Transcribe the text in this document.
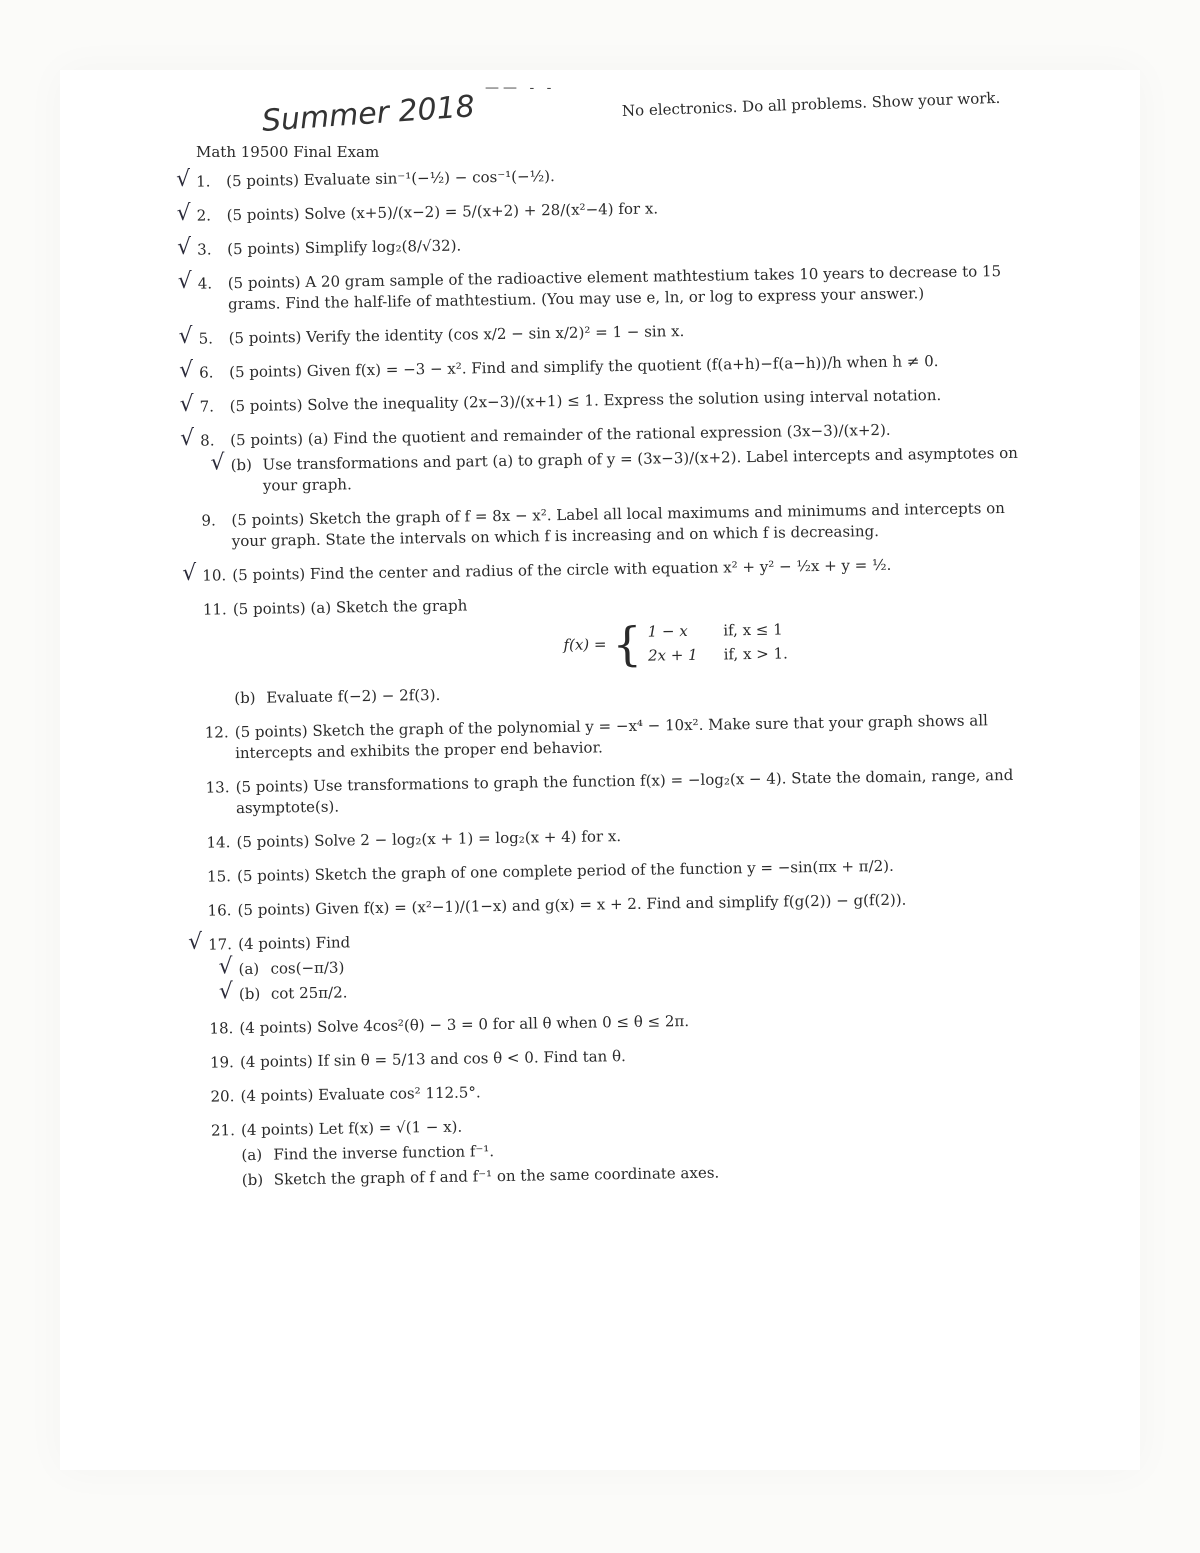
—— - -
Summer 2018
Math 19500 Final Exam
No electronics. Do all problems. Show your work.
√ 1. (5 points) Evaluate sin⁻¹(−½) − cos⁻¹(−½).
√ 2. (5 points) Solve (x+5)/(x−2) = 5/(x+2) + 28/(x²−4) for x.
√ 3. (5 points) Simplify log₂(8/√32).
√ 4. (5 points) A 20 gram sample of the radioactive element mathtestium takes 10 years to decrease to 15 grams. Find the half-life of mathtestium. (You may use e, ln, or log to express your answer.)
√ 5. (5 points) Verify the identity (cos x/2 − sin x/2)² = 1 − sin x.
√ 6. (5 points) Given f(x) = −3 − x². Find and simplify the quotient (f(a+h)−f(a−h))/h when h ≠ 0.
√ 7. (5 points) Solve the inequality (2x−3)/(x+1) ≤ 1. Express the solution using interval notation.
√ 8. (5 points) (a) Find the quotient and remainder of the rational expression (3x−3)/(x+2).
√ (b) Use transformations and part (a) to graph of y = (3x−3)/(x+2). Label intercepts and asymptotes on your graph.
9. (5 points) Sketch the graph of f = 8x − x². Label all local maximums and minimums and intercepts on your graph. State the intervals on which f is increasing and on which f is decreasing.
√ 10. (5 points) Find the center and radius of the circle with equation x² + y² − ½x + y = ½.
11. (5 points) (a) Sketch the graph
f(x) = { 1 − x	if, x ≤ 1
2x + 1 if, x > 1.
(b) Evaluate f(−2) − 2f(3).
12. (5 points) Sketch the graph of the polynomial y = −x⁴ − 10x². Make sure that your graph shows all intercepts and exhibits the proper end behavior.
13. (5 points) Use transformations to graph the function f(x) = −log₂(x − 4). State the domain, range, and asymptote(s).
14. (5 points) Solve 2 − log₂(x + 1) = log₂(x + 4) for x.
15. (5 points) Sketch the graph of one complete period of the function y = −sin(πx + π/2).
16. (5 points) Given f(x) = (x²−1)/(1−x) and g(x) = x + 2. Find and simplify f(g(2)) − g(f(2)).
√ 17. (4 points) Find
√ (a) cos(−π/3)
√ (b) cot 25π/2.
18. (4 points) Solve 4cos²(θ) − 3 = 0 for all θ when 0 ≤ θ ≤ 2π.
19. (4 points) If sin θ = 5/13 and cos θ < 0. Find tan θ.
20. (4 points) Evaluate cos² 112.5°.
21. (4 points) Let f(x) = √(1 − x).
(a) Find the inverse function f⁻¹.
(b) Sketch the graph of f and f⁻¹ on the same coordinate axes.
